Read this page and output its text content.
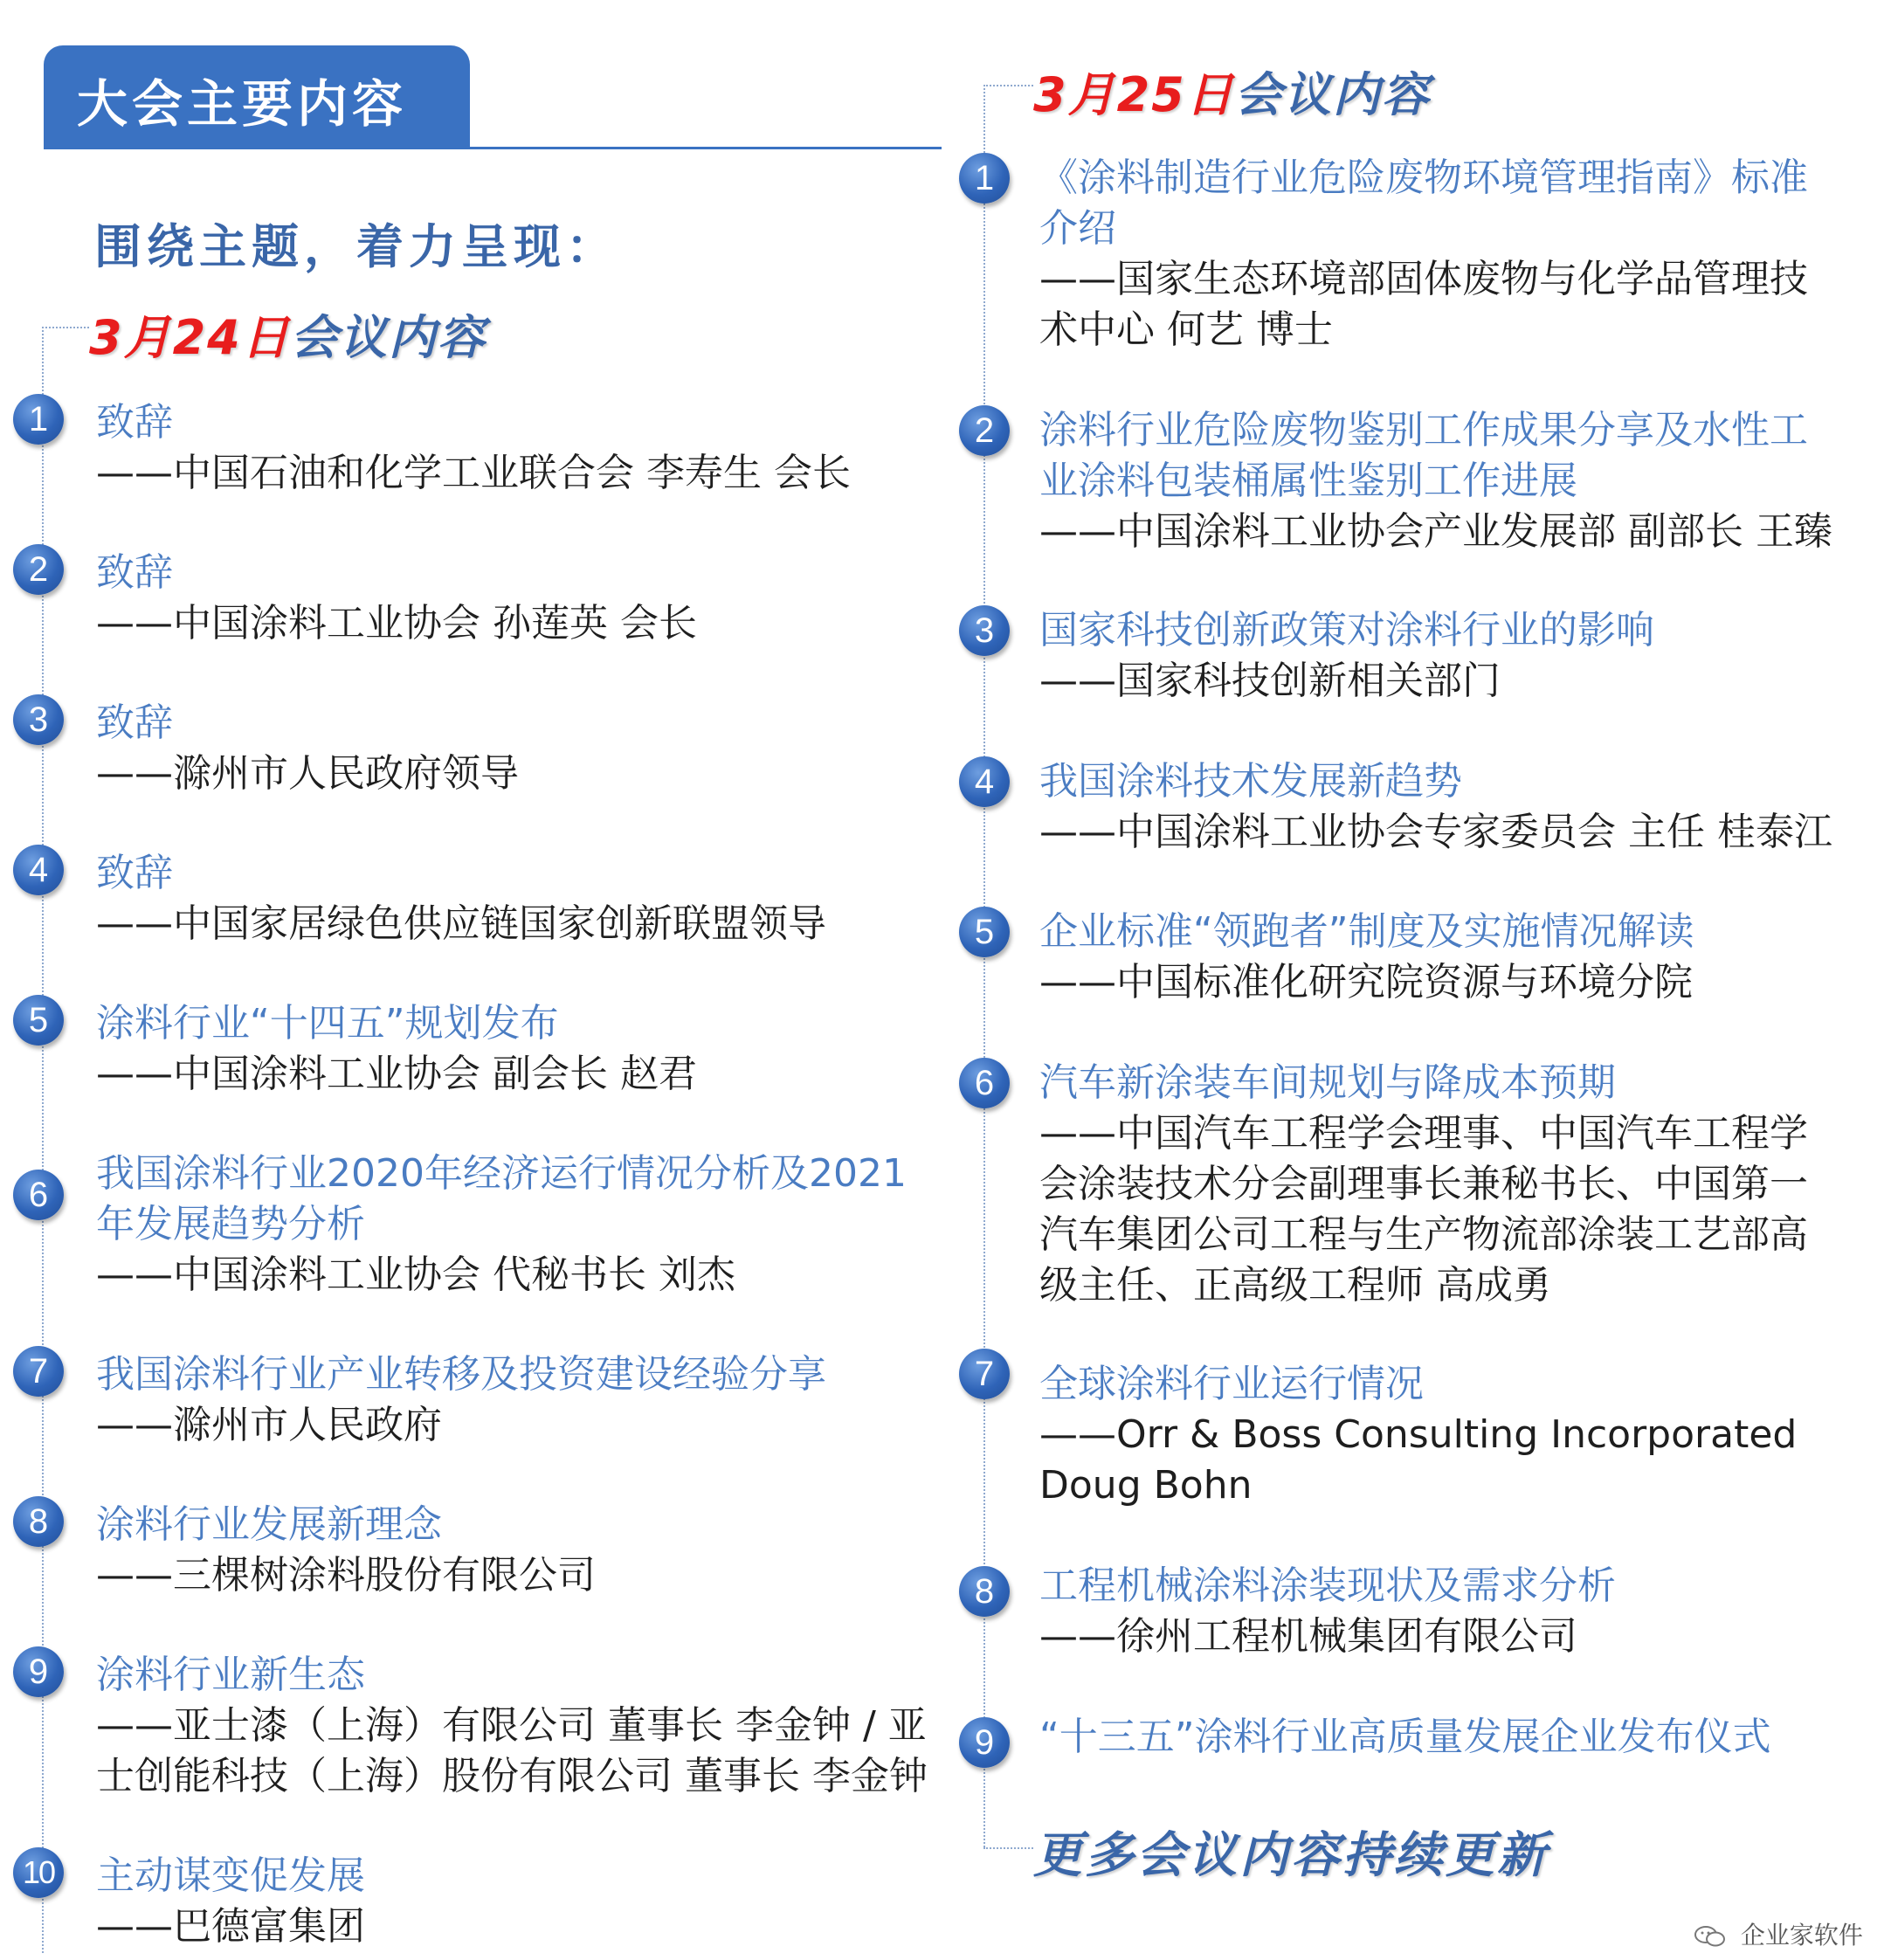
大会主要内容
围绕主题，着力呈现：
3月24日会议内容
3月25日会议内容
1	致辞
——中国石油和化学工业联合会 李寿生 会长
2	致辞
——中国涂料工业协会 孙莲英 会长
3	致辞
——滁州市人民政府领导
4	致辞
——中国家居绿色供应链国家创新联盟领导
5	涂料行业“十四五”规划发布
——中国涂料工业协会 副会长 赵君
6	我国涂料行业2020年经济运行情况分析及2021年发展趋势分析
——中国涂料工业协会 代秘书长 刘杰
7	我国涂料行业产业转移及投资建设经验分享
——滁州市人民政府
8	涂料行业发展新理念
——三棵树涂料股份有限公司
9	涂料行业新生态
——亚士漆（上海）有限公司 董事长 李金钟 / 亚士创能科技（上海）股份有限公司 董事长 李金钟
10 主动谋变促发展
——巴德富集团
1	《涂料制造行业危险废物环境管理指南》标准介绍
——国家生态环境部固体废物与化学品管理技术中心 何艺 博士
2	涂料行业危险废物鉴别工作成果分享及水性工业涂料包装桶属性鉴别工作进展
——中国涂料工业协会产业发展部 副部长 王臻
3	国家科技创新政策对涂料行业的影响
——国家科技创新相关部门
4	我国涂料技术发展新趋势
——中国涂料工业协会专家委员会 主任 桂泰江
5	企业标准“领跑者”制度及实施情况解读
——中国标准化研究院资源与环境分院
6	汽车新涂装车间规划与降成本预期
——中国汽车工程学会理事、中国汽车工程学会涂装技术分会副理事长兼秘书长、中国第一汽车集团公司工程与生产物流部涂装工艺部高级主任、正高级工程师 高成勇
7	全球涂料行业运行情况
——Orr & Boss Consulting Incorporated Doug Bohn
8	工程机械涂料涂装现状及需求分析
——徐州工程机械集团有限公司
9	“十三五”涂料行业高质量发展企业发布仪式
更多会议内容持续更新
企业家软件
